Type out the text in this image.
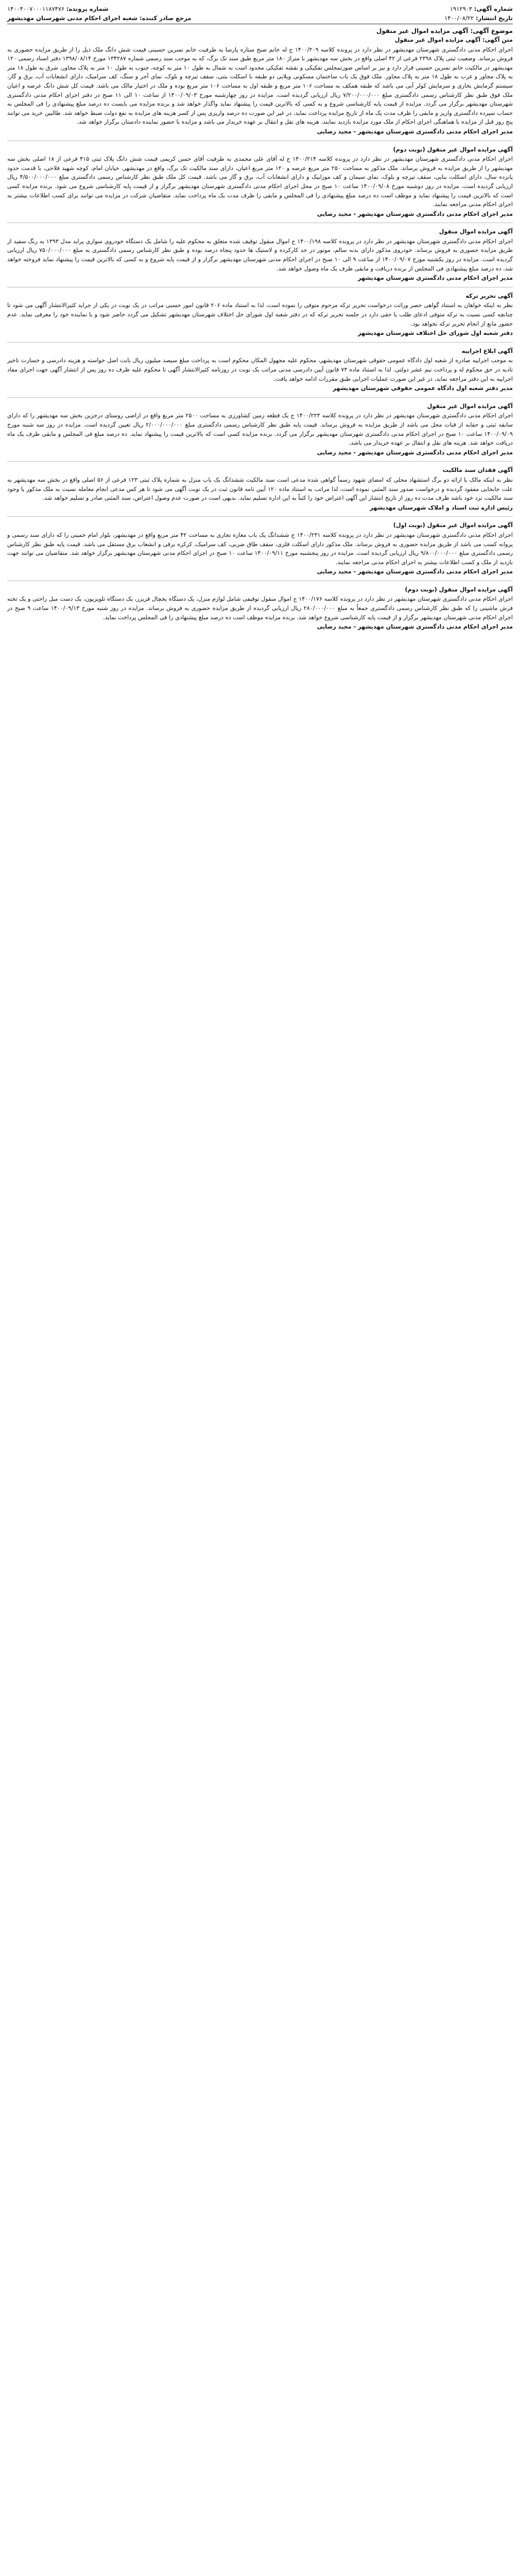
شماره آگهی: ۱۹۱۲۹۰۳
شماره پرونده: ۱۴۰۰۴۰۰۷۰۰۰۱۱۸۷۴۷۶
تاریخ انتشار: ۱۴۰۰/۰۸/۲۲
مرجع صادر کننده: شعبه اجرای احکام مدنی شهرستان مهدیشهر
موضوع آگهی: آگهی مزایده اموال غیر منقول

متن آگهی: آگهی مزایده اموال غیر منقول

اجرای احکام مدنی دادگستری شهرستان مهدیشهر در نظر دارد در پرونده کلاسه ۱۴۰۰/۲۰۹ ج له خانم صبح ستاره پارسا به طرفیت خانم نسرین حسینی قیمت شش دانگ ملک ذیل را از طریق مزایده حضوری به فروش برساند. وضعیت ثبتی پلاک ۲۳۹۸ فرعی از ۴۲ اصلی واقع در بخش سه مهدیشهر با متراژ ۱۸۰ متر مربع طبق سند تک برگ، که به موجب سند رسمی شماره ۱۳۴۲۸۷ مورخ ۱۳۹۸/۰۸/۱۴ دفتر اسناد رسمی ۱۲۰ مهدیشهر در مالکیت خانم نسرین حسینی قرار دارد و نیز بر اساس صورتمجلس تفکیکی و نقشه تفکیکی محدود است به شمال به طول ۱۰ متر به کوچه، جنوب به طول ۱۰ متر به پلاک مجاور، شرق به طول ۱۸ متر به پلاک مجاور و غرب به طول ۱۸ متر به پلاک مجاور. ملک فوق یک باب ساختمان مسکونی ویلایی دو طبقه با اسکلت بتنی، سقف تیرچه و بلوک، نمای آجر و سنگ، کف سرامیک، دارای انشعابات آب، برق و گاز، سیستم گرمایش بخاری و سرمایش کولر آبی می باشد که طبقه همکف به مساحت ۱۰۶ متر مربع و طبقه اول به مساحت ۱۰۶ متر مربع بوده و ملک در اختیار مالک می باشد. قیمت کل شش دانگ عرصه و اعیان ملک فوق طبق نظر کارشناس رسمی دادگستری مبلغ ۷/۲۰۰/۰۰۰/۰۰۰ ریال ارزیابی گردیده است. مزایده در روز چهارشنبه مورخ ۱۴۰۰/۰۹/۰۳ از ساعت ۱۰ الی ۱۱ صبح در دفتر اجرای احکام مدنی دادگستری شهرستان مهدیشهر برگزار می گردد. مزایده از قیمت پایه کارشناسی شروع و به کسی که بالاترین قیمت را پیشنهاد نماید واگذار خواهد شد و برنده مزایده می بایست ده درصد مبلغ پیشنهادی را فی المجلس به حساب سپرده دادگستری واریز و مابقی را ظرف مدت یک ماه از تاریخ مزایده پرداخت نماید، در غیر این صورت ده درصد واریزی پس از کسر هزینه های مزایده به نفع دولت ضبط خواهد شد. طالبین خرید می توانند پنج روز قبل از مزایده با هماهنگی اجرای احکام از ملک مورد مزایده بازدید نمایند. هزینه های نقل و انتقال بر عهده خریدار می باشد و مزایده با حضور نماینده دادستان برگزار خواهد شد.

مدیر اجرای احکام مدنی دادگستری شهرستان مهدیشهر - مجید رضایی

آگهی مزایده اموال غیر منقول (نوبت دوم)

اجرای احکام مدنی دادگستری شهرستان مهدیشهر در نظر دارد در پرونده کلاسه ۱۴۰۰/۲۱۴ ج له آقای علی محمدی به طرفیت آقای حسن کریمی قیمت شش دانگ پلاک ثبتی ۴۱۵ فرعی از ۱۸ اصلی بخش سه مهدیشهر را از طریق مزایده به فروش برساند. ملک مذکور به مساحت ۲۵۰ متر مربع عرصه و ۱۲۰ متر مربع اعیان، دارای سند مالکیت تک برگ، واقع در مهدیشهر، خیابان امام، کوچه شهید فلاحی، با قدمت حدود پانزده سال، دارای اسکلت بنایی، سقف تیرچه و بلوک، نمای سیمان و کف موزاییک و دارای انشعابات آب، برق و گاز می باشد. قیمت کل ملک طبق نظر کارشناس رسمی دادگستری مبلغ ۴/۵۰۰/۰۰۰/۰۰۰ ریال ارزیابی گردیده است. مزایده در روز دوشنبه مورخ ۱۴۰۰/۰۹/۰۸ ساعت ۱۰ صبح در محل اجرای احکام مدنی دادگستری شهرستان مهدیشهر برگزار و از قیمت پایه کارشناسی شروع می شود. برنده مزایده کسی است که بالاترین قیمت را پیشنهاد نماید و موظف است ده درصد مبلغ پیشنهادی را فی المجلس و مابقی را ظرف مدت یک ماه پرداخت نماید. متقاضیان شرکت در مزایده می توانند برای کسب اطلاعات بیشتر به اجرای احکام مدنی مراجعه نمایند.

مدیر اجرای احکام مدنی دادگستری شهرستان مهدیشهر - مجید رضایی

آگهی مزایده اموال منقول

اجرای احکام مدنی دادگستری شهرستان مهدیشهر در نظر دارد در پرونده کلاسه ۱۴۰۰/۱۹۸ ج اموال منقول توقیف شده متعلق به محکوم علیه را شامل یک دستگاه خودروی سواری پراید مدل ۱۳۹۳ به رنگ سفید از طریق مزایده حضوری به فروش برساند. خودروی مذکور دارای بدنه سالم، موتور در حد کارکرده و لاستیک ها حدود پنجاه درصد بوده و طبق نظر کارشناس رسمی دادگستری به مبلغ ۷۵۰/۰۰۰/۰۰۰ ریال ارزیابی گردیده است. مزایده در روز یکشنبه مورخ ۱۴۰۰/۰۹/۰۷ از ساعت ۹ الی ۱۰ صبح در اجرای احکام مدنی شهرستان مهدیشهر برگزار و از قیمت پایه شروع و به کسی که بالاترین قیمت را پیشنهاد نماید فروخته خواهد شد. ده درصد مبلغ پیشنهادی فی المجلس از برنده دریافت و مابقی ظرف یک ماه وصول خواهد شد.

مدیر اجرای احکام مدنی دادگستری شهرستان مهدیشهر

آگهی تحریر ترکه

نظر به اینکه خواهان به استناد گواهی حصر وراثت درخواست تحریر ترکه مرحوم متوفی را نموده است، لذا به استناد ماده ۲۰۶ قانون امور حسبی مراتب در یک نوبت در یکی از جراید کثیرالانتشار آگهی می شود تا چنانچه کسی نسبت به ترکه متوفی ادعای طلب یا حقی دارد در جلسه تحریر ترکه که در دفتر شعبه اول شورای حل اختلاف شهرستان مهدیشهر تشکیل می گردد حاضر شود و یا نماینده خود را معرفی نماید. عدم حضور مانع از انجام تحریر ترکه نخواهد بود.

دفتر شعبه اول شورای حل اختلاف شهرستان مهدیشهر

آگهی ابلاغ اجراییه

به موجب اجراییه صادره از شعبه اول دادگاه عمومی حقوقی شهرستان مهدیشهر، محکوم علیه مجهول المکان محکوم است به پرداخت مبلغ سیصد میلیون ریال بابت اصل خواسته و هزینه دادرسی و خسارت تاخیر تادیه در حق محکوم له و پرداخت نیم عشر دولتی. لذا به استناد ماده ۷۳ قانون آیین دادرسی مدنی مراتب یک نوبت در روزنامه کثیرالانتشار آگهی تا محکوم علیه ظرف ده روز پس از انتشار آگهی جهت اجرای مفاد اجراییه به این دفتر مراجعه نماید، در غیر این صورت عملیات اجرایی طبق مقررات ادامه خواهد یافت.

مدیر دفتر شعبه اول دادگاه عمومی حقوقی شهرستان مهدیشهر

آگهی مزایده اموال غیر منقول

اجرای احکام مدنی دادگستری شهرستان مهدیشهر در نظر دارد در پرونده کلاسه ۱۴۰۰/۲۲۳ ج یک قطعه زمین کشاورزی به مساحت ۲۵۰۰ متر مربع واقع در اراضی روستای درجزین بخش سه مهدیشهر را که دارای سابقه ثبتی و حقابه از قنات محل می باشد از طریق مزایده به فروش برساند. قیمت پایه طبق نظر کارشناس رسمی دادگستری مبلغ ۲/۰۰۰/۰۰۰/۰۰۰ ریال تعیین گردیده است. مزایده در روز سه شنبه مورخ ۱۴۰۰/۰۹/۰۹ ساعت ۱۰ صبح در اجرای احکام مدنی دادگستری شهرستان مهدیشهر برگزار می گردد. برنده مزایده کسی است که بالاترین قیمت را پیشنهاد نماید. ده درصد مبلغ فی المجلس و مابقی ظرف یک ماه دریافت خواهد شد. هزینه های نقل و انتقال بر عهده خریدار می باشد.

مدیر اجرای احکام مدنی دادگستری شهرستان مهدیشهر - مجید رضایی

آگهی فقدان سند مالکیت

نظر به اینکه مالک با ارائه دو برگ استشهاد محلی که امضای شهود رسماً گواهی شده مدعی است سند مالکیت ششدانگ یک باب منزل به شماره پلاک ثبتی ۱۲۳ فرعی از ۵۶ اصلی واقع در بخش سه مهدیشهر به علت جابجایی مفقود گردیده و درخواست صدور سند المثنی نموده است، لذا مراتب به استناد ماده ۱۲۰ آیین نامه قانون ثبت در یک نوبت آگهی می شود تا هر کس مدعی انجام معامله نسبت به ملک مذکور یا وجود سند مالکیت نزد خود باشد ظرف مدت ده روز از تاریخ انتشار این آگهی اعتراض خود را کتباً به این اداره تسلیم نماید. بدیهی است در صورت عدم وصول اعتراض، سند المثنی صادر و تسلیم خواهد شد.

رئیس اداره ثبت اسناد و املاک شهرستان مهدیشهر

آگهی مزایده اموال غیر منقول (نوبت اول)

اجرای احکام مدنی دادگستری شهرستان مهدیشهر در نظر دارد در پرونده کلاسه ۱۴۰۰/۲۳۱ ج ششدانگ یک باب مغازه تجاری به مساحت ۴۲ متر مربع واقع در مهدیشهر، بلوار امام خمینی را که دارای سند رسمی و پروانه کسب می باشد از طریق مزایده حضوری به فروش برساند. ملک مذکور دارای اسکلت فلزی، سقف طاق ضربی، کف سرامیک، کرکره برقی و انشعاب برق مستقل می باشد. قیمت پایه طبق نظر کارشناس رسمی دادگستری مبلغ ۹/۸۰۰/۰۰۰/۰۰۰ ریال ارزیابی گردیده است. مزایده در روز پنجشنبه مورخ ۱۴۰۰/۰۹/۱۱ ساعت ۱۰ صبح در اجرای احکام مدنی شهرستان مهدیشهر برگزار خواهد شد. متقاضیان می توانند جهت بازدید از ملک و کسب اطلاعات بیشتر به اجرای احکام مدنی مراجعه نمایند.

مدیر اجرای احکام مدنی دادگستری شهرستان مهدیشهر - مجید رضایی

آگهی مزایده اموال منقول (نوبت دوم)

اجرای احکام مدنی دادگستری شهرستان مهدیشهر در نظر دارد در پرونده کلاسه ۱۴۰۰/۱۷۶ ج اموال منقول توقیفی شامل لوازم منزل، یک دستگاه یخچال فریزر، یک دستگاه تلویزیون، یک دست مبل راحتی و یک تخته فرش ماشینی را که طبق نظر کارشناس رسمی دادگستری جمعاً به مبلغ ۲۸۰/۰۰۰/۰۰۰ ریال ارزیابی گردیده از طریق مزایده حضوری به فروش برساند. مزایده در روز شنبه مورخ ۱۴۰۰/۰۹/۱۳ ساعت ۹ صبح در اجرای احکام مدنی شهرستان مهدیشهر برگزار و از قیمت پایه کارشناسی شروع خواهد شد. برنده مزایده موظف است ده درصد مبلغ پیشنهادی را فی المجلس پرداخت نماید.

مدیر اجرای احکام مدنی دادگستری شهرستان مهدیشهر - مجید رضایی
